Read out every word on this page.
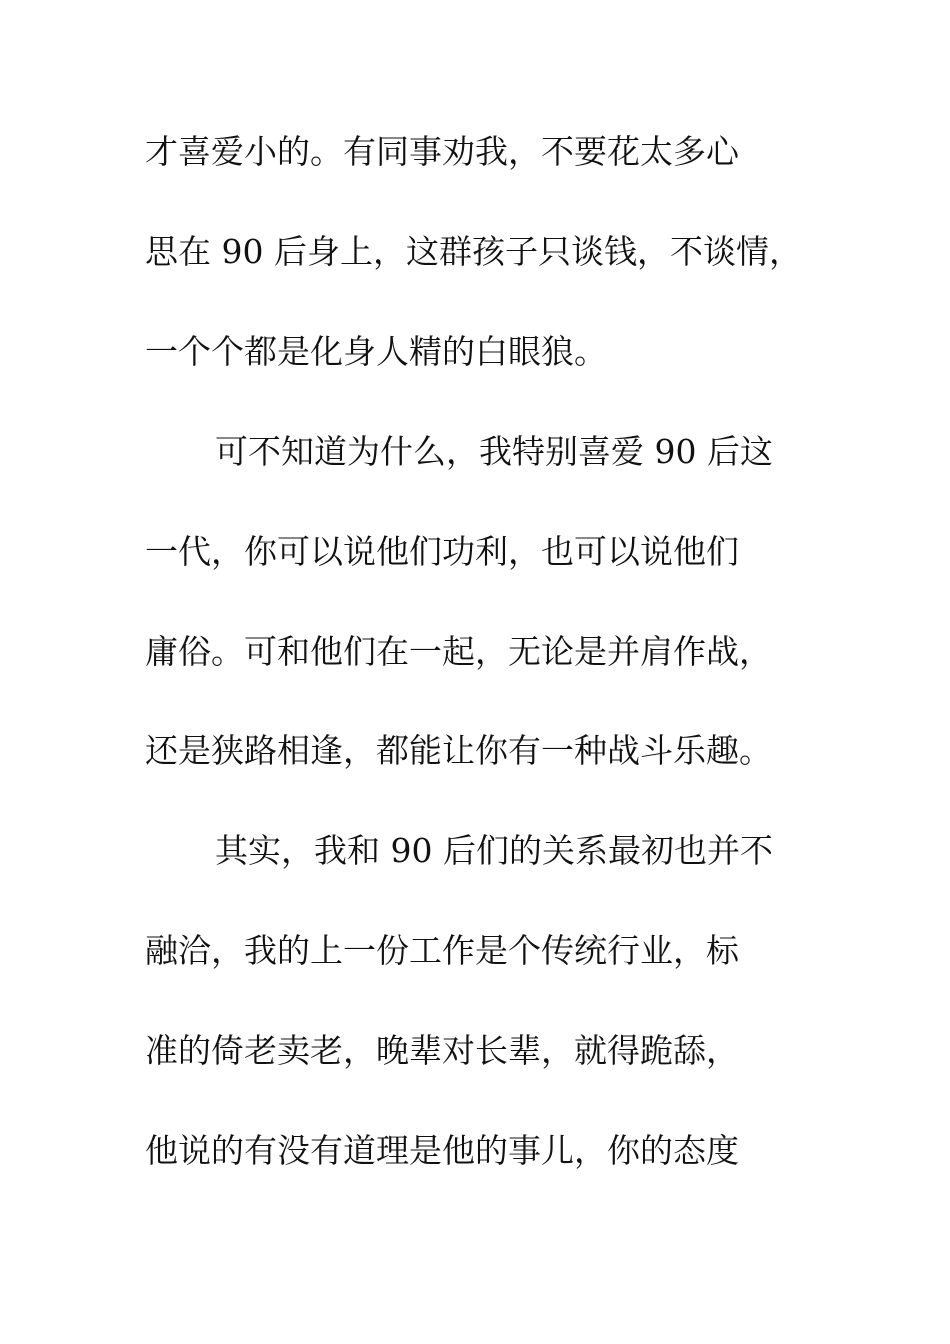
才喜爱小的。有同事劝我，不要花太多心
思在 90 后身上，这群孩子只谈钱，不谈情，
一个个都是化身人精的白眼狼。
可不知道为什么，我特别喜爱 90 后这
一代，你可以说他们功利，也可以说他们
庸俗。可和他们在一起，无论是并肩作战，
还是狭路相逢，都能让你有一种战斗乐趣。
其实，我和 90 后们的关系最初也并不
融洽，我的上一份工作是个传统行业，标
准的倚老卖老，晚辈对长辈，就得跪舔，
他说的有没有道理是他的事儿，你的态度
